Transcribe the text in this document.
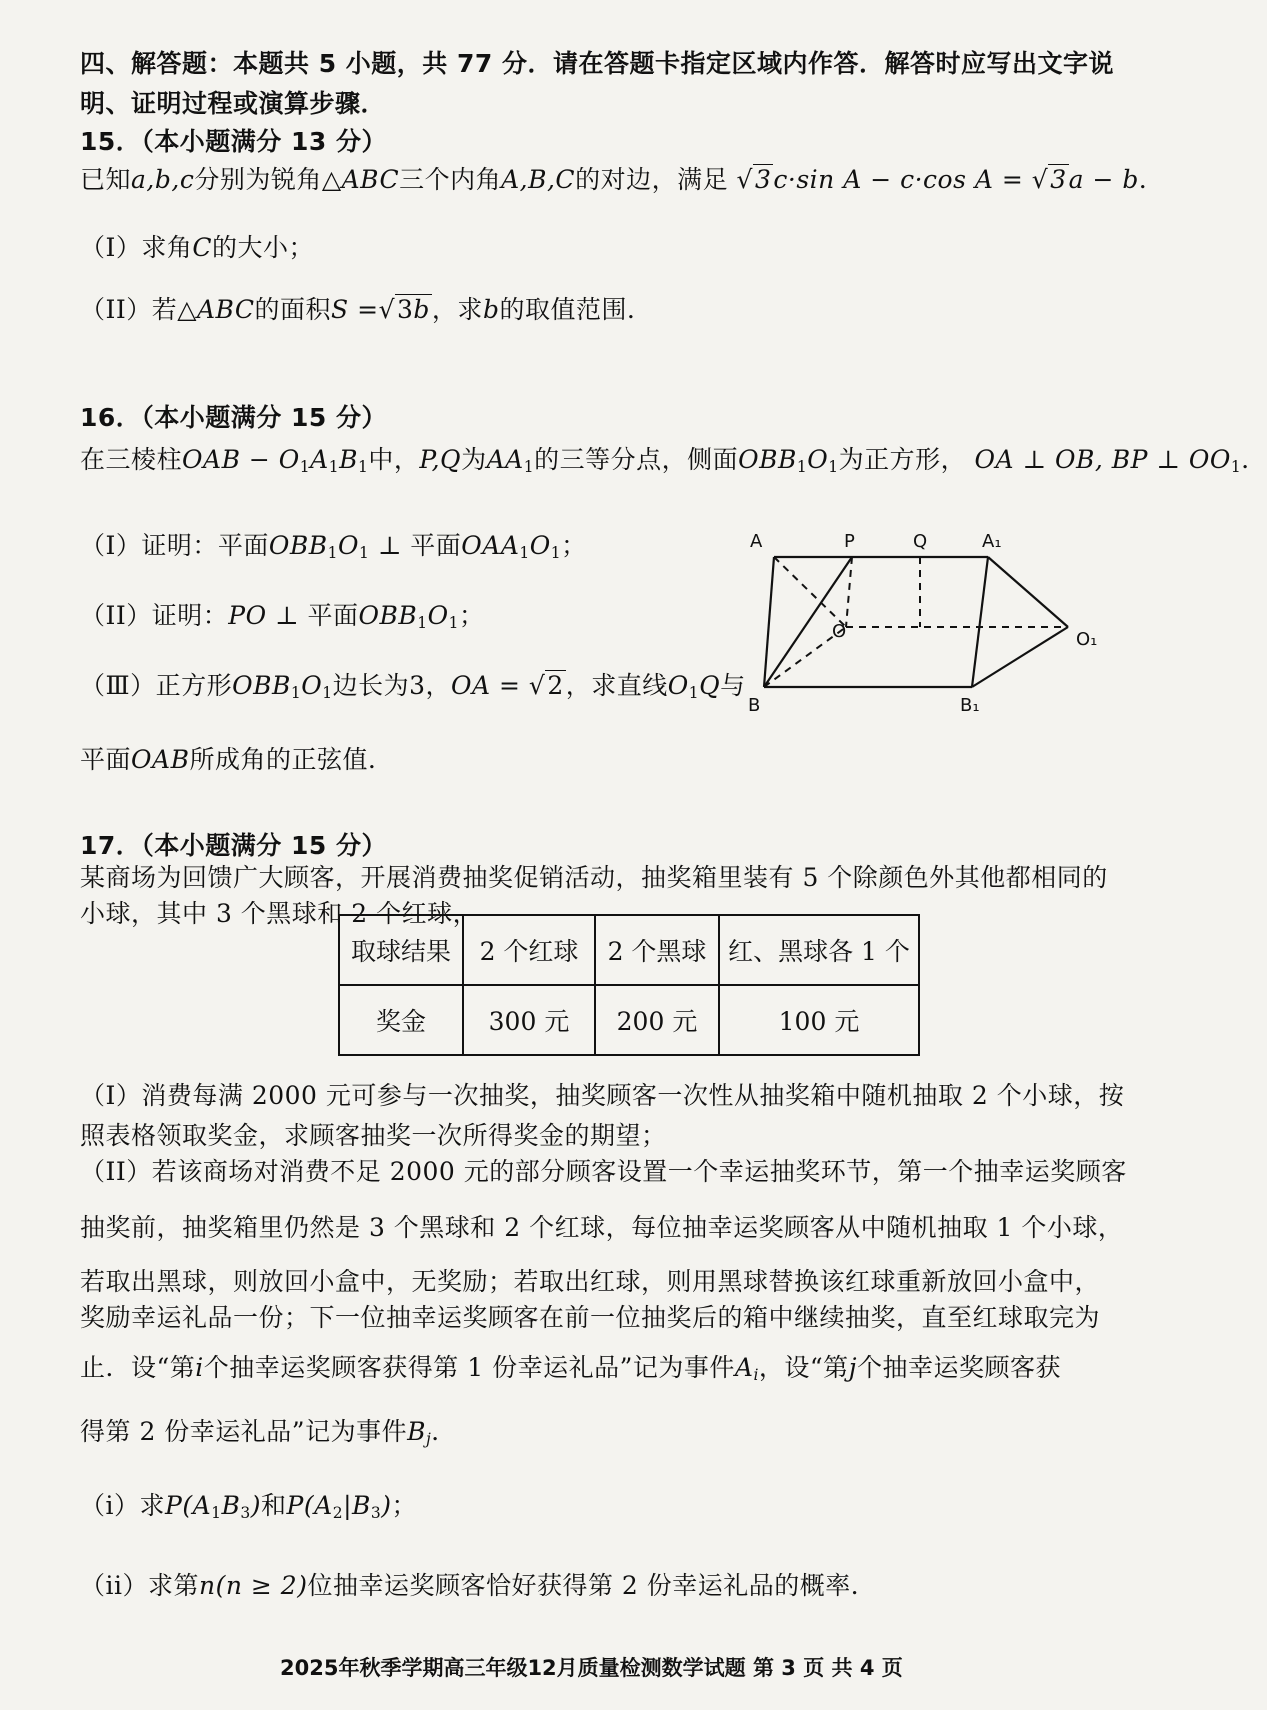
四、解答题：本题共 5 小题，共 77 分．请在答题卡指定区域内作答．解答时应写出文字说
明、证明过程或演算步骤．
15．（本小题满分 13 分）
已知a,b,c分别为锐角△ABC三个内角A,B,C的对边，满足 √3c·sin A − c·cos A = √3a − b．
（I）求角C的大小；
（II）若△ABC的面积S =√3b，求b的取值范围．
16．（本小题满分 15 分）
在三棱柱OAB − $O_1A_1B_1$中，P,Q为$AA_1$的三等分点，侧面$OBB_1O_1$为正方形， OA ⊥ OB, BP ⊥ $OO_1$．
（I）证明：平面$OBB_1O_1$ ⊥ 平面$OAA_1O_1$；
（II）证明：PO ⊥ 平面$OBB_1O_1$；
（Ⅲ）正方形$OBB_1O_1$边长为3，OA = √2，求直线$O_1Q$与
平面OAB所成角的正弦值．
A	P	Q	A₁
O	O₁
B	B₁
17．（本小题满分 15 分）
某商场为回馈广大顾客，开展消费抽奖促销活动，抽奖箱里装有 5 个除颜色外其他都相同的
小球，其中 3 个黑球和 2 个红球，
取球结果	2 个红球	2 个黑球	红、黑球各 1 个
奖金	300 元	200 元	100 元
（I）消费每满 2000 元可参与一次抽奖，抽奖顾客一次性从抽奖箱中随机抽取 2 个小球，按
照表格领取奖金，求顾客抽奖一次所得奖金的期望；
（II）若该商场对消费不足 2000 元的部分顾客设置一个幸运抽奖环节，第一个抽幸运奖顾客
抽奖前，抽奖箱里仍然是 3 个黑球和 2 个红球，每位抽幸运奖顾客从中随机抽取 1 个小球，
若取出黑球，则放回小盒中，无奖励；若取出红球，则用黑球替换该红球重新放回小盒中，
奖励幸运礼品一份；下一位抽幸运奖顾客在前一位抽奖后的箱中继续抽奖，直至红球取完为
止．设“第i个抽幸运奖顾客获得第 1 份幸运礼品”记为事件$A_i$，设“第j个抽幸运奖顾客获
得第 2 份幸运礼品”记为事件$B_j$．
（i）求$P(A_1B_3)$和$P(A_2|B_3)$；
（ii）求第n(n ≥ 2)位抽幸运奖顾客恰好获得第 2 份幸运礼品的概率．
2025年秋季学期高三年级12月质量检测数学试题 第 3 页 共 4 页
